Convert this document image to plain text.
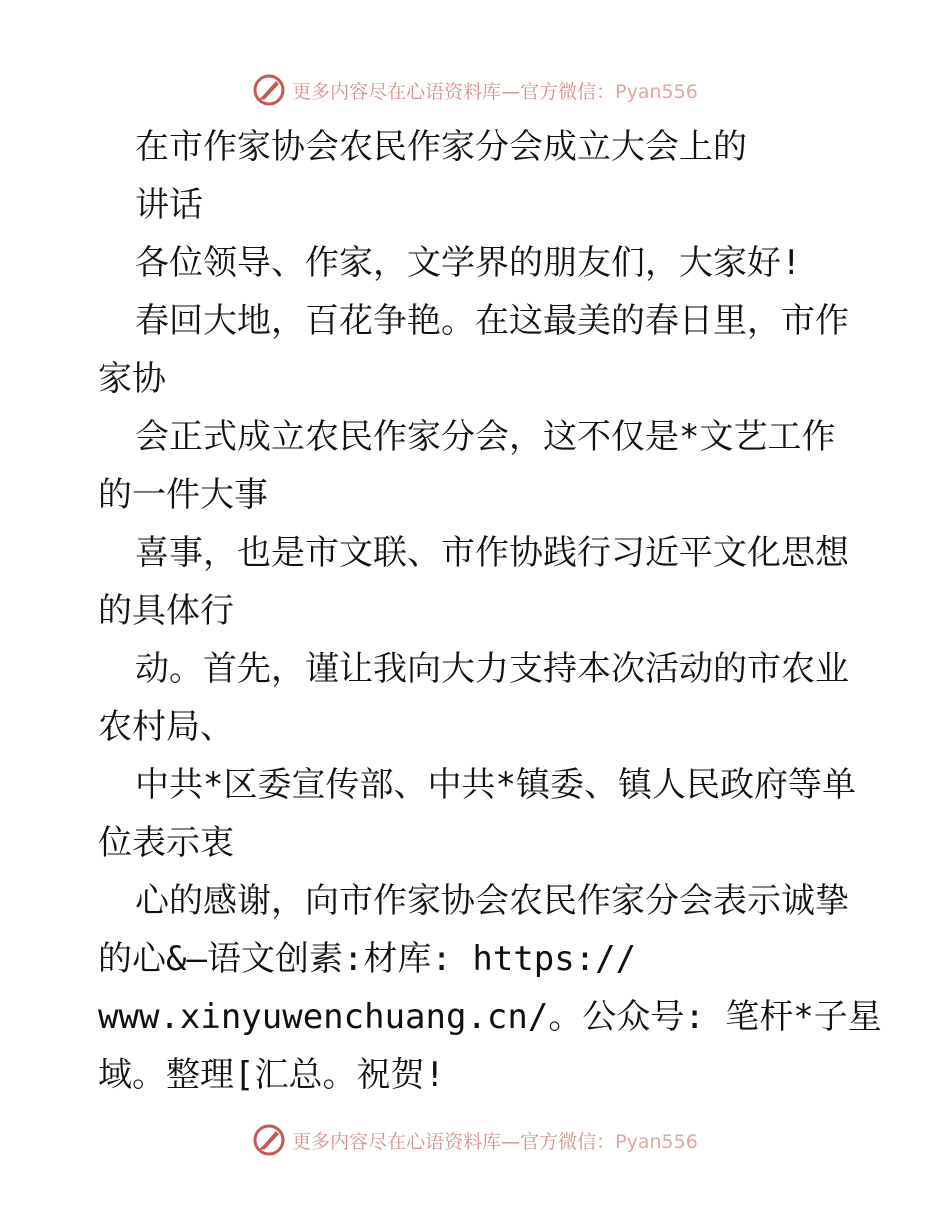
更多内容尽在心语资料库—官方微信：Pyan556
在市作家协会农民作家分会成立大会上的
讲话
各位领导、作家，文学界的朋友们，大家好!
春回大地，百花争艳。在这最美的春日里，市作
家协
会正式成立农民作家分会，这不仅是*文艺工作
的一件大事
喜事，也是市文联、市作协践行习近平文化思想
的具体行
动。首先，谨让我向大力支持本次活动的市农业
农村局、
中共*区委宣传部、中共*镇委、镇人民政府等单
位表示衷
心的感谢，向市作家协会农民作家分会表示诚挚
的心&—语文创素:材库: https://
www.xinyuwenchuang.cn/。公众号: 笔杆*子星
域。整理[汇总。祝贺!
更多内容尽在心语资料库—官方微信：Pyan556
